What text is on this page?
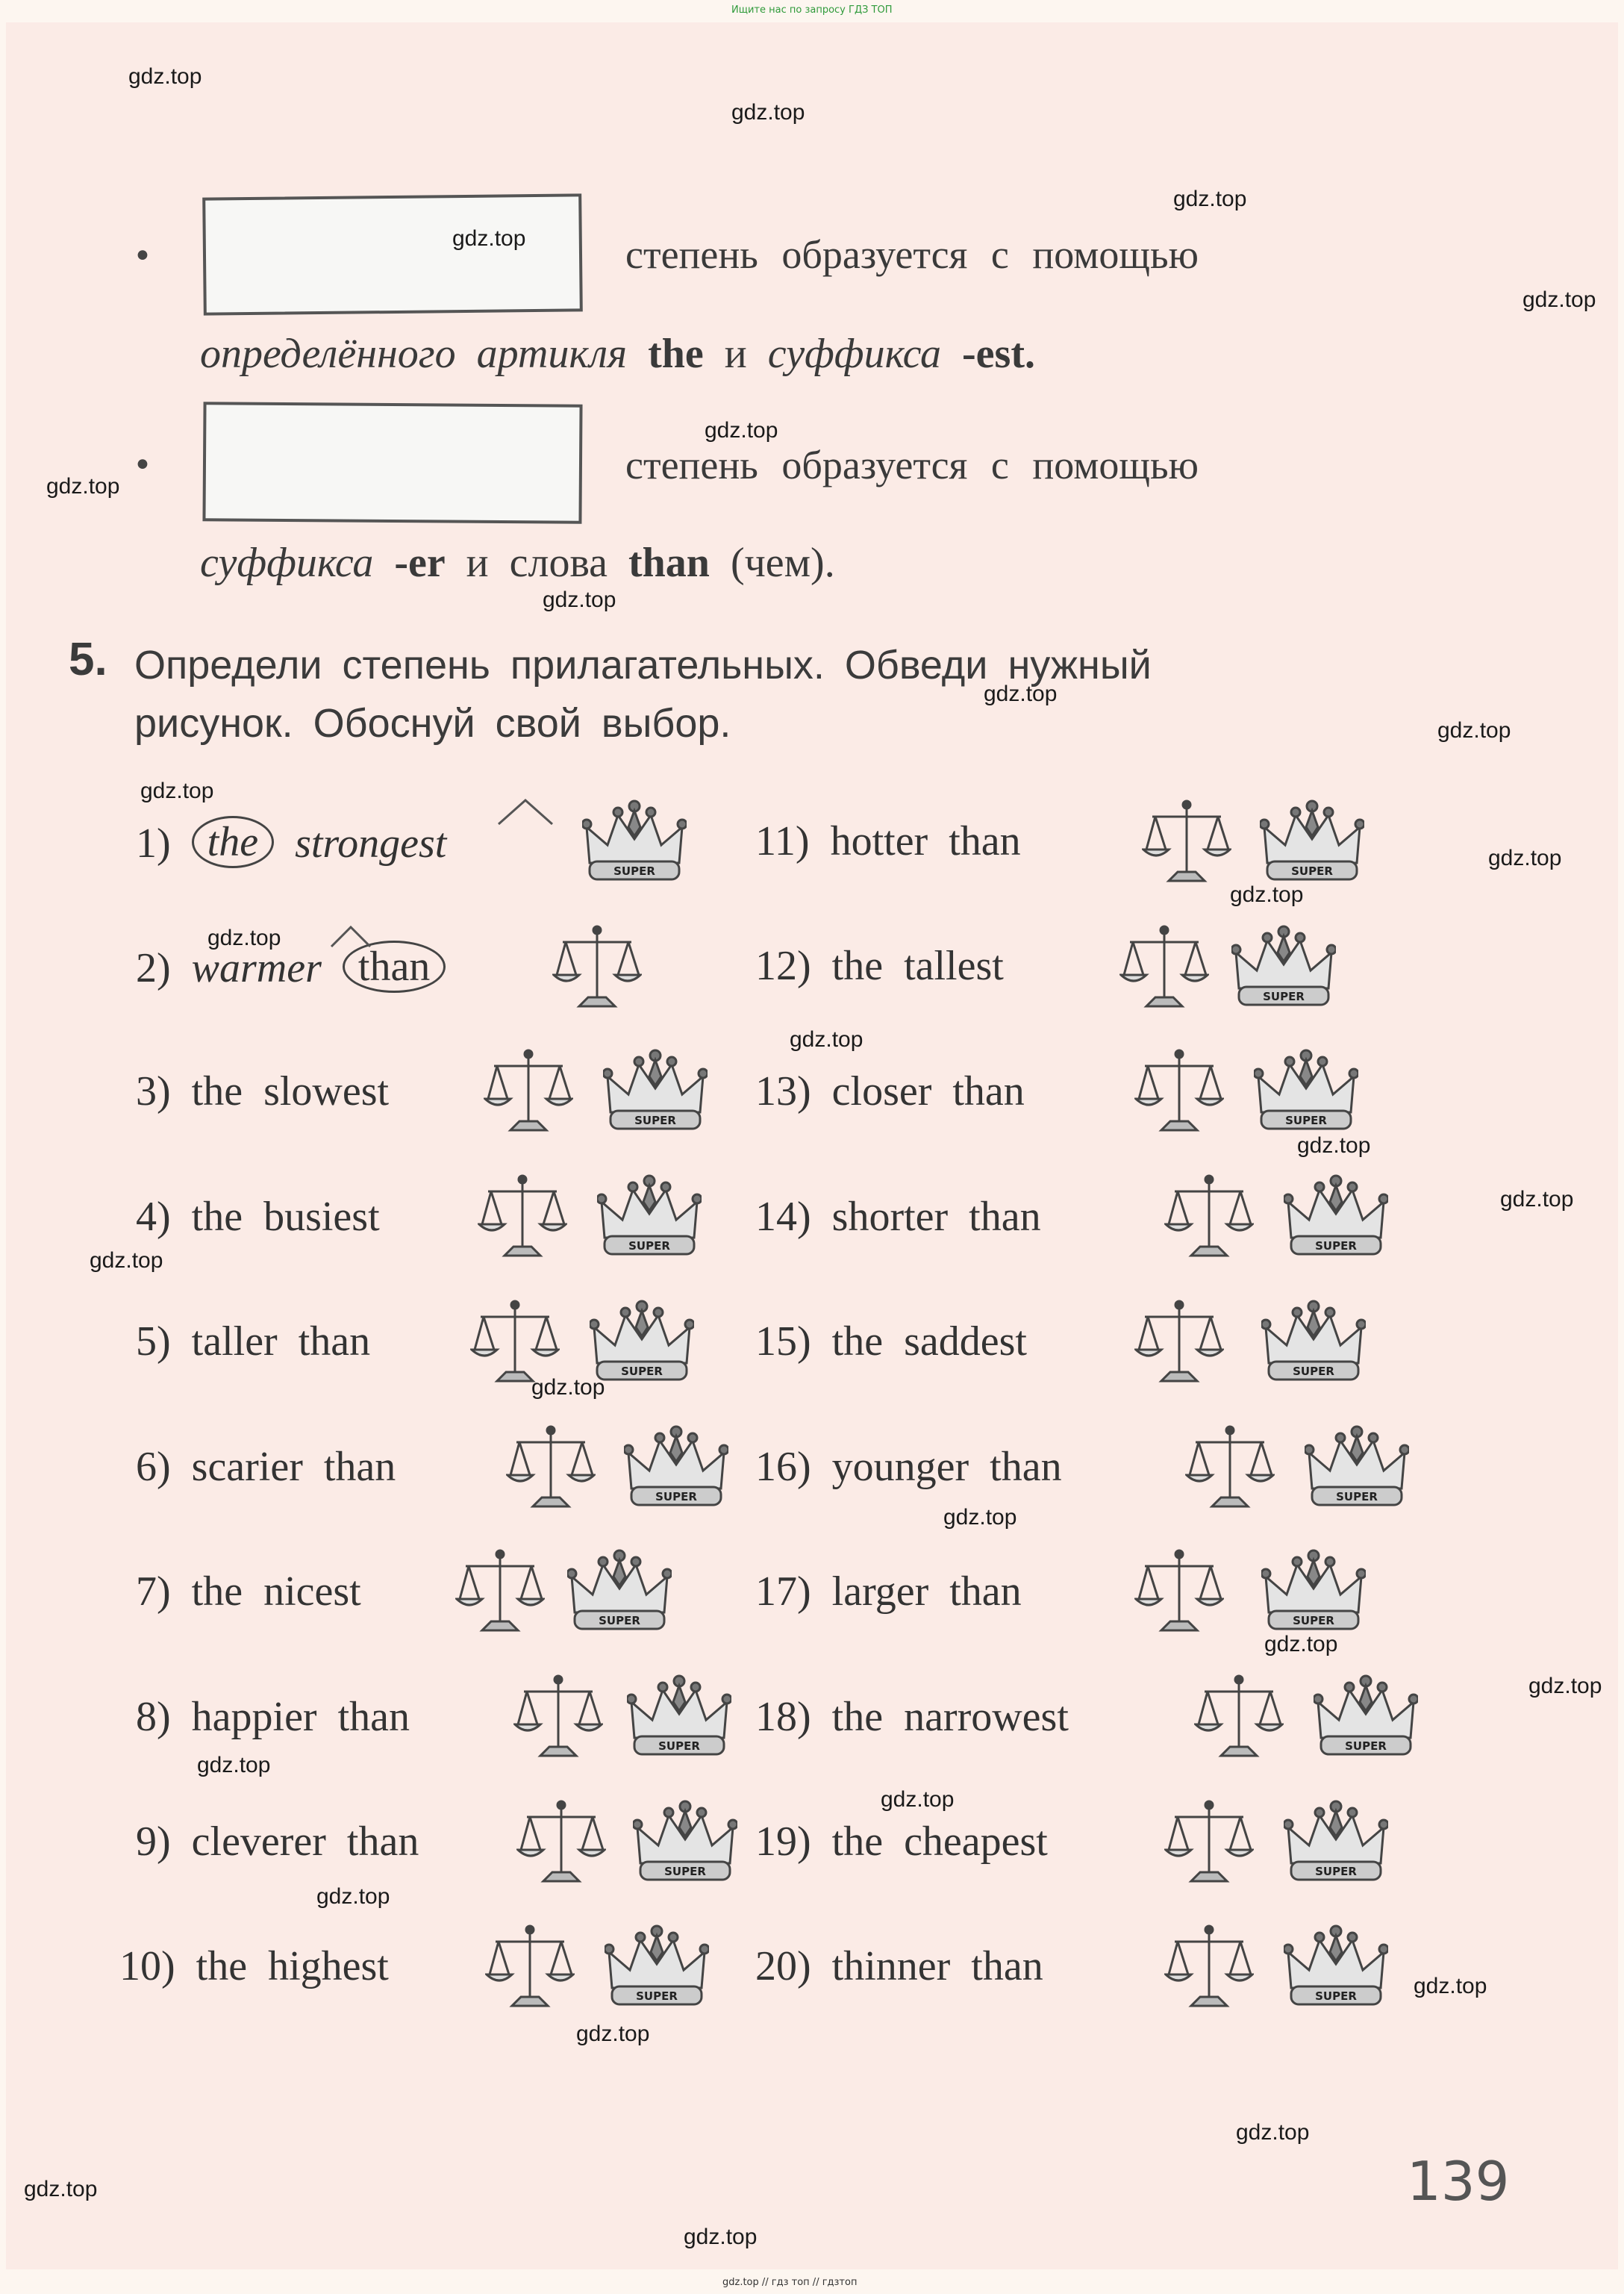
Ищите нас по запросу ГДЗ ТОП
gdz.top // гдз топ // гдзтоп
•	степень образуется с помощью
определённого артикля the и суффикса -est.
•	степень образуется с помощью
суффикса -er и слова than (чем).
5. Определи степень прилагательных. Обведи нужный
рисунок. Обоснуй свой выбор.
1) the strongest
2) warmer than
3) the slowest
4) the busiest
5) taller than
6) scarier than
7) the nicest
8) happier than
9) cleverer than
10) the highest
11) hotter than
12) the tallest
13) closer than
14) shorter than
15) the saddest
16) younger than
17) larger than
18) the narrowest
19) the cheapest
20) thinner than
SUPER	SUPER
SUPER
SUPER	SUPER
SUPER	SUPER
SUPER	SUPER
SUPER	SUPER
SUPER	SUPER
SUPER	SUPER
SUPER	SUPER
SUPER	SUPER
gdz.top
gdz.top
gdz.top
gdz.top
gdz.top
gdz.top
gdz.top
gdz.top
gdz.top
gdz.top
gdz.top
gdz.top
gdz.top
gdz.top
gdz.top
gdz.top
gdz.top
gdz.top
gdz.top
gdz.top
gdz.top
gdz.top
gdz.top
gdz.top
gdz.top
gdz.top
gdz.top
gdz.top
gdz.top
gdz.top
139
